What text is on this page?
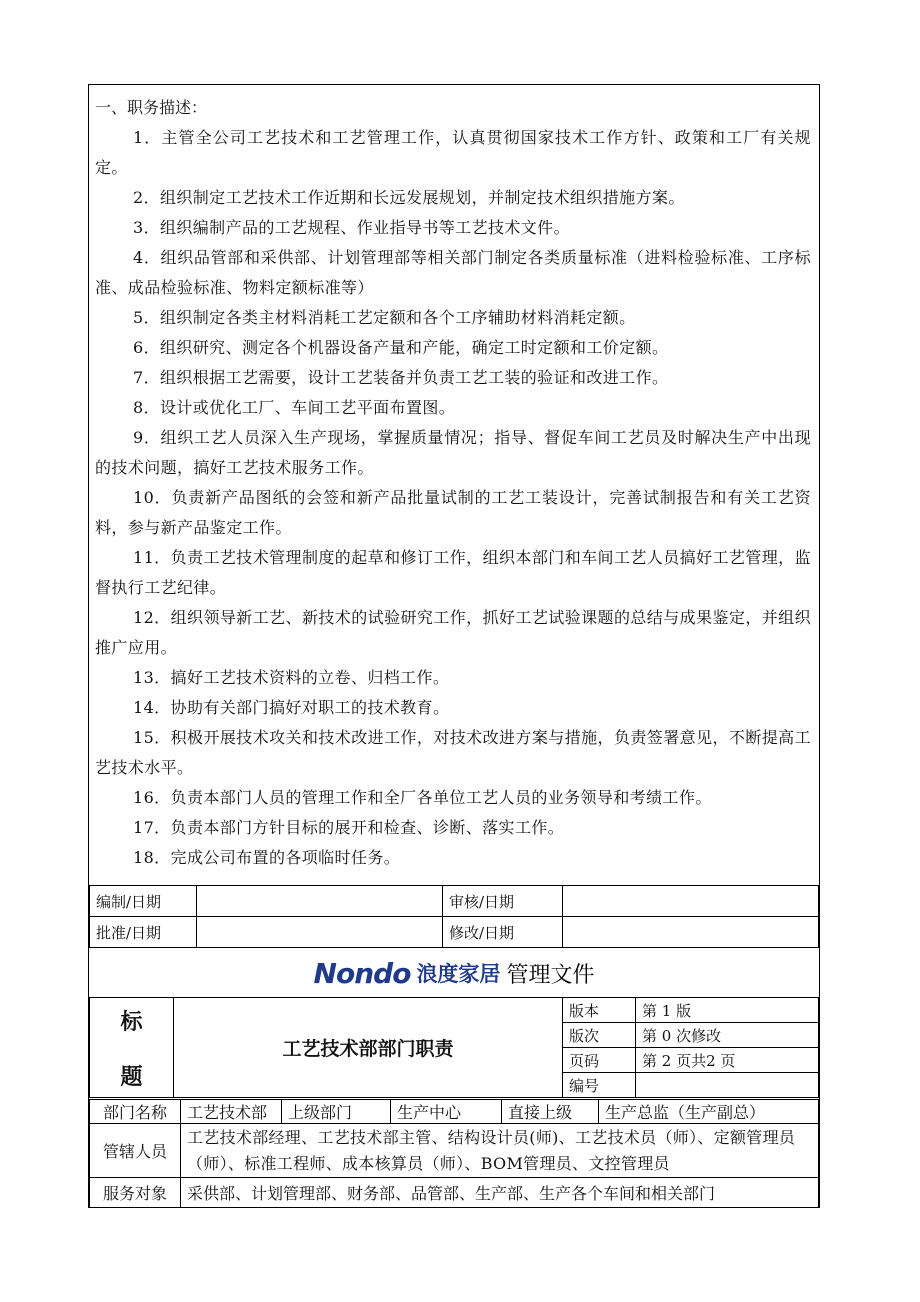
一、职务描述：

1．主管全公司工艺技术和工艺管理工作，认真贯彻国家技术工作方针、政策和工厂有关规定。

2．组织制定工艺技术工作近期和长远发展规划，并制定技术组织措施方案。

3．组织编制产品的工艺规程、作业指导书等工艺技术文件。

4．组织品管部和采供部、计划管理部等相关部门制定各类质量标准（进料检验标准、工序标准、成品检验标准、物料定额标准等）

5．组织制定各类主材料消耗工艺定额和各个工序辅助材料消耗定额。

6．组织研究、测定各个机器设备产量和产能，确定工时定额和工价定额。

7．组织根据工艺需要，设计工艺装备并负责工艺工装的验证和改进工作。

8．设计或优化工厂、车间工艺平面布置图。

9．组织工艺人员深入生产现场，掌握质量情况；指导、督促车间工艺员及时解决生产中出现的技术问题，搞好工艺技术服务工作。

10．负责新产品图纸的会签和新产品批量试制的工艺工装设计，完善试制报告和有关工艺资料，参与新产品鉴定工作。

11．负责工艺技术管理制度的起草和修订工作，组织本部门和车间工艺人员搞好工艺管理，监督执行工艺纪律。

12．组织领导新工艺、新技术的试验研究工作，抓好工艺试验课题的总结与成果鉴定，并组织推广应用。

13．搞好工艺技术资料的立卷、归档工作。

14．协助有关部门搞好对职工的技术教育。

15．积极开展技术攻关和技术改进工作，对技术改进方案与措施，负责签署意见，不断提高工艺技术水平。

16．负责本部门人员的管理工作和全厂各单位工艺人员的业务领导和考绩工作。

17．负责本部门方针目标的展开和检查、诊断、落实工作。

18．完成公司布置的各项临时任务。

编制/日期		审核/日期	
批准/日期		修改/日期	
Nondo 浪度家居 管理文件
标
题	工艺技术部部门职责	版本	第 1 版
		版次	第 0 次修改
		页码	第 2 页共2 页
		编号	
部门名称	工艺技术部	上级部门	生产中心	直接上级	生产总监（生产副总）
管辖人员	工艺技术部经理、工艺技术部主管、结构设计员(师)、工艺技术员（师）、定额管理员（师）、标准工程师、成本核算员（师）、BOM管理员、文控管理员				
服务对象	采供部、计划管理部、财务部、品管部、生产部、生产各个车间和相关部门				
